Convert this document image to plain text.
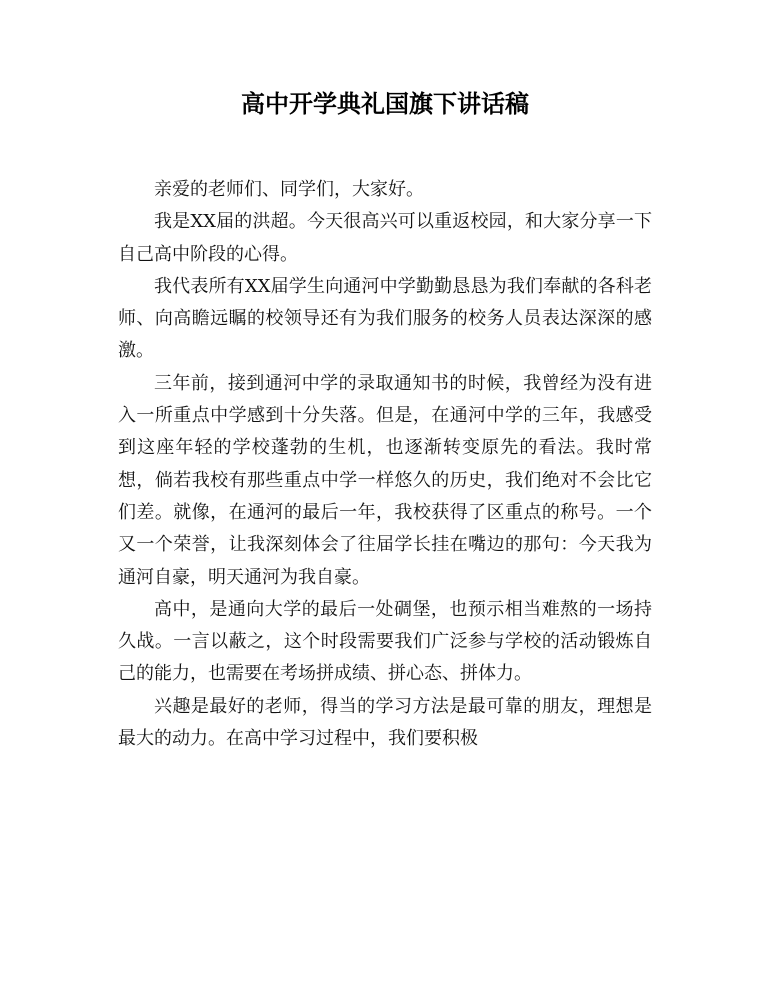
高中开学典礼国旗下讲话稿

亲爱的老师们、同学们，大家好。

我是XX届的洪超。今天很高兴可以重返校园，和大家分享一下自己高中阶段的心得。

我代表所有XX届学生向通河中学勤勤恳恳为我们奉献的各科老师、向高瞻远瞩的校领导还有为我们服务的校务人员表达深深的感激。

三年前，接到通河中学的录取通知书的时候，我曾经为没有进入一所重点中学感到十分失落。但是，在通河中学的三年，我感受到这座年轻的学校蓬勃的生机，也逐渐转变原先的看法。我时常想，倘若我校有那些重点中学一样悠久的历史，我们绝对不会比它们差。就像，在通河的最后一年，我校获得了区重点的称号。一个又一个荣誉，让我深刻体会了往届学长挂在嘴边的那句：今天我为通河自豪，明天通河为我自豪。

高中，是通向大学的最后一处碉堡，也预示相当难熬的一场持久战。一言以蔽之，这个时段需要我们广泛参与学校的活动锻炼自己的能力，也需要在考场拼成绩、拼心态、拼体力。

兴趣是最好的老师，得当的学习方法是最可靠的朋友，理想是最大的动力。在高中学习过程中，我们要积极
